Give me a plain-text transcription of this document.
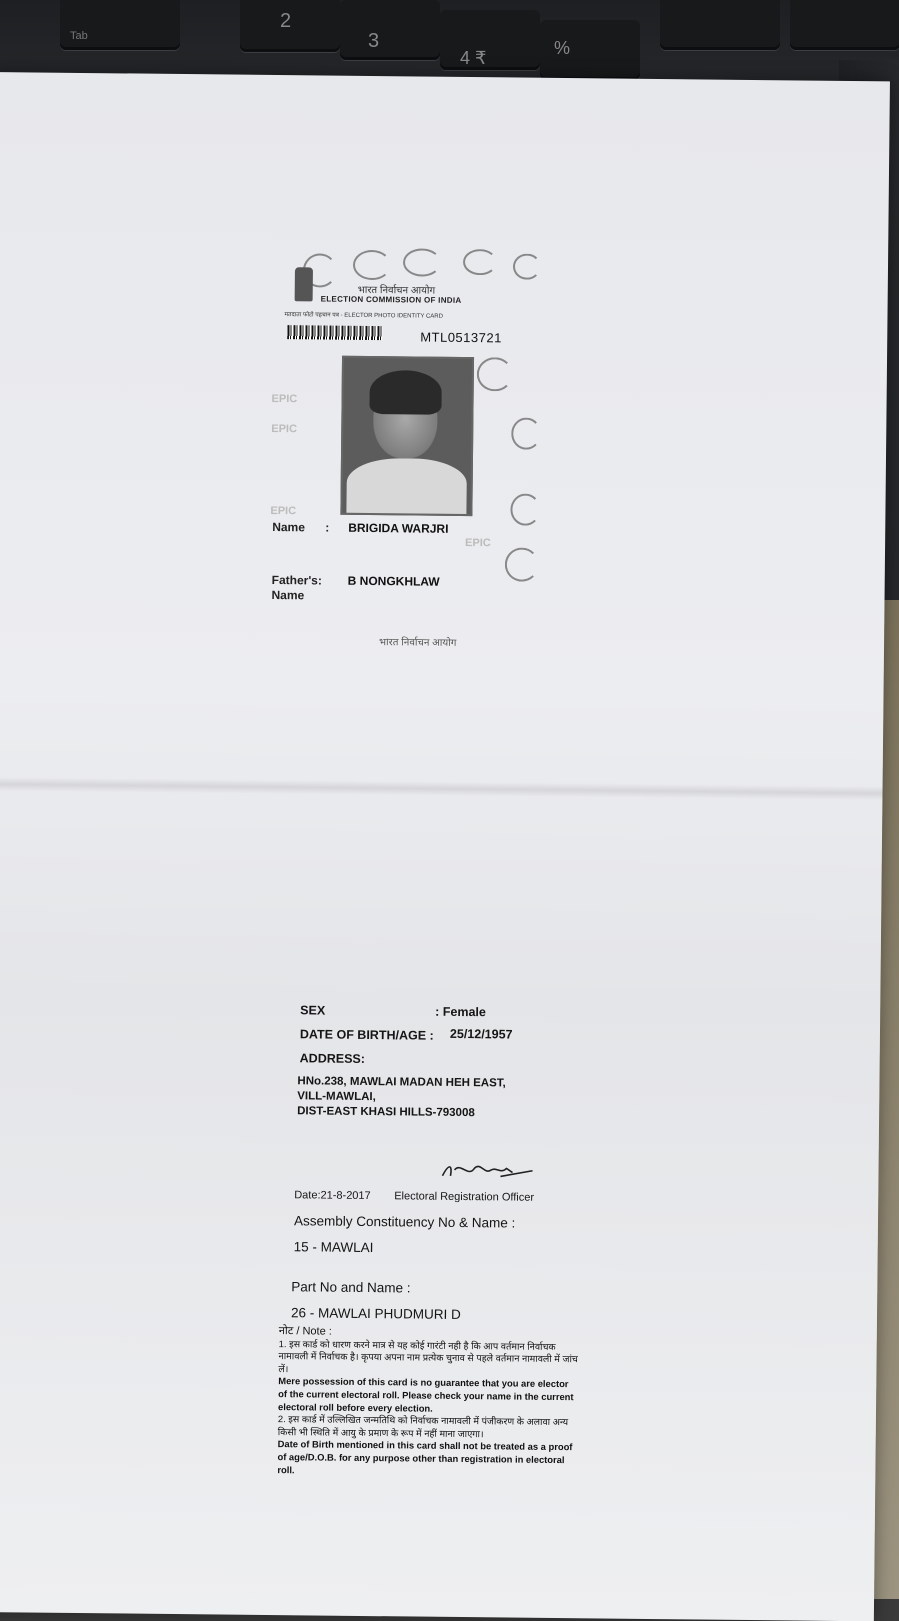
Tab
2
3
4 ₹	%
भारत निर्वाचन आयोग
ELECTION COMMISSION OF INDIA
मतदाता फोटो पहचान पत्र - ELECTOR PHOTO IDENTITY CARD
MTL0513721
EPIC
EPIC
EPIC
EPIC
Name : BRIGIDA WARJRI
Father's:
Name
B NONGKHLAW
भारत निर्वाचन आयोग
SEX	: Female
DATE OF BIRTH/AGE : 25/12/1957
ADDRESS:
HNo.238, MAWLAI MADAN HEH EAST,
VILL-MAWLAI,
DIST-EAST KHASI HILLS-793008
Date:21-8-2017 Electoral Registration Officer
Assembly Constituency No & Name :
15 - MAWLAI
Part No and Name :
26 - MAWLAI PHUDMURI D
नोट / Note :
1. इस कार्ड को धारण करने मात्र से यह कोई गारंटी नही है कि आप वर्तमान निर्वाचक नामावली में निर्वाचक है। कृपया अपना नाम प्रत्येक चुनाव से पहले वर्तमान नामावली में जांच लें।
Mere possession of this card is no guarantee that you are elector of the current electoral roll. Please check your name in the current electoral roll before every election.
2. इस कार्ड में उल्लिखित जन्मतिथि को निर्वाचक नामावली में पंजीकरण के अलावा अन्य किसी भी स्थिति में आयु के प्रमाण के रूप में नहीं माना जाएगा।
Date of Birth mentioned in this card shall not be treated as a proof of age/D.O.B. for any purpose other than registration in electoral roll.
